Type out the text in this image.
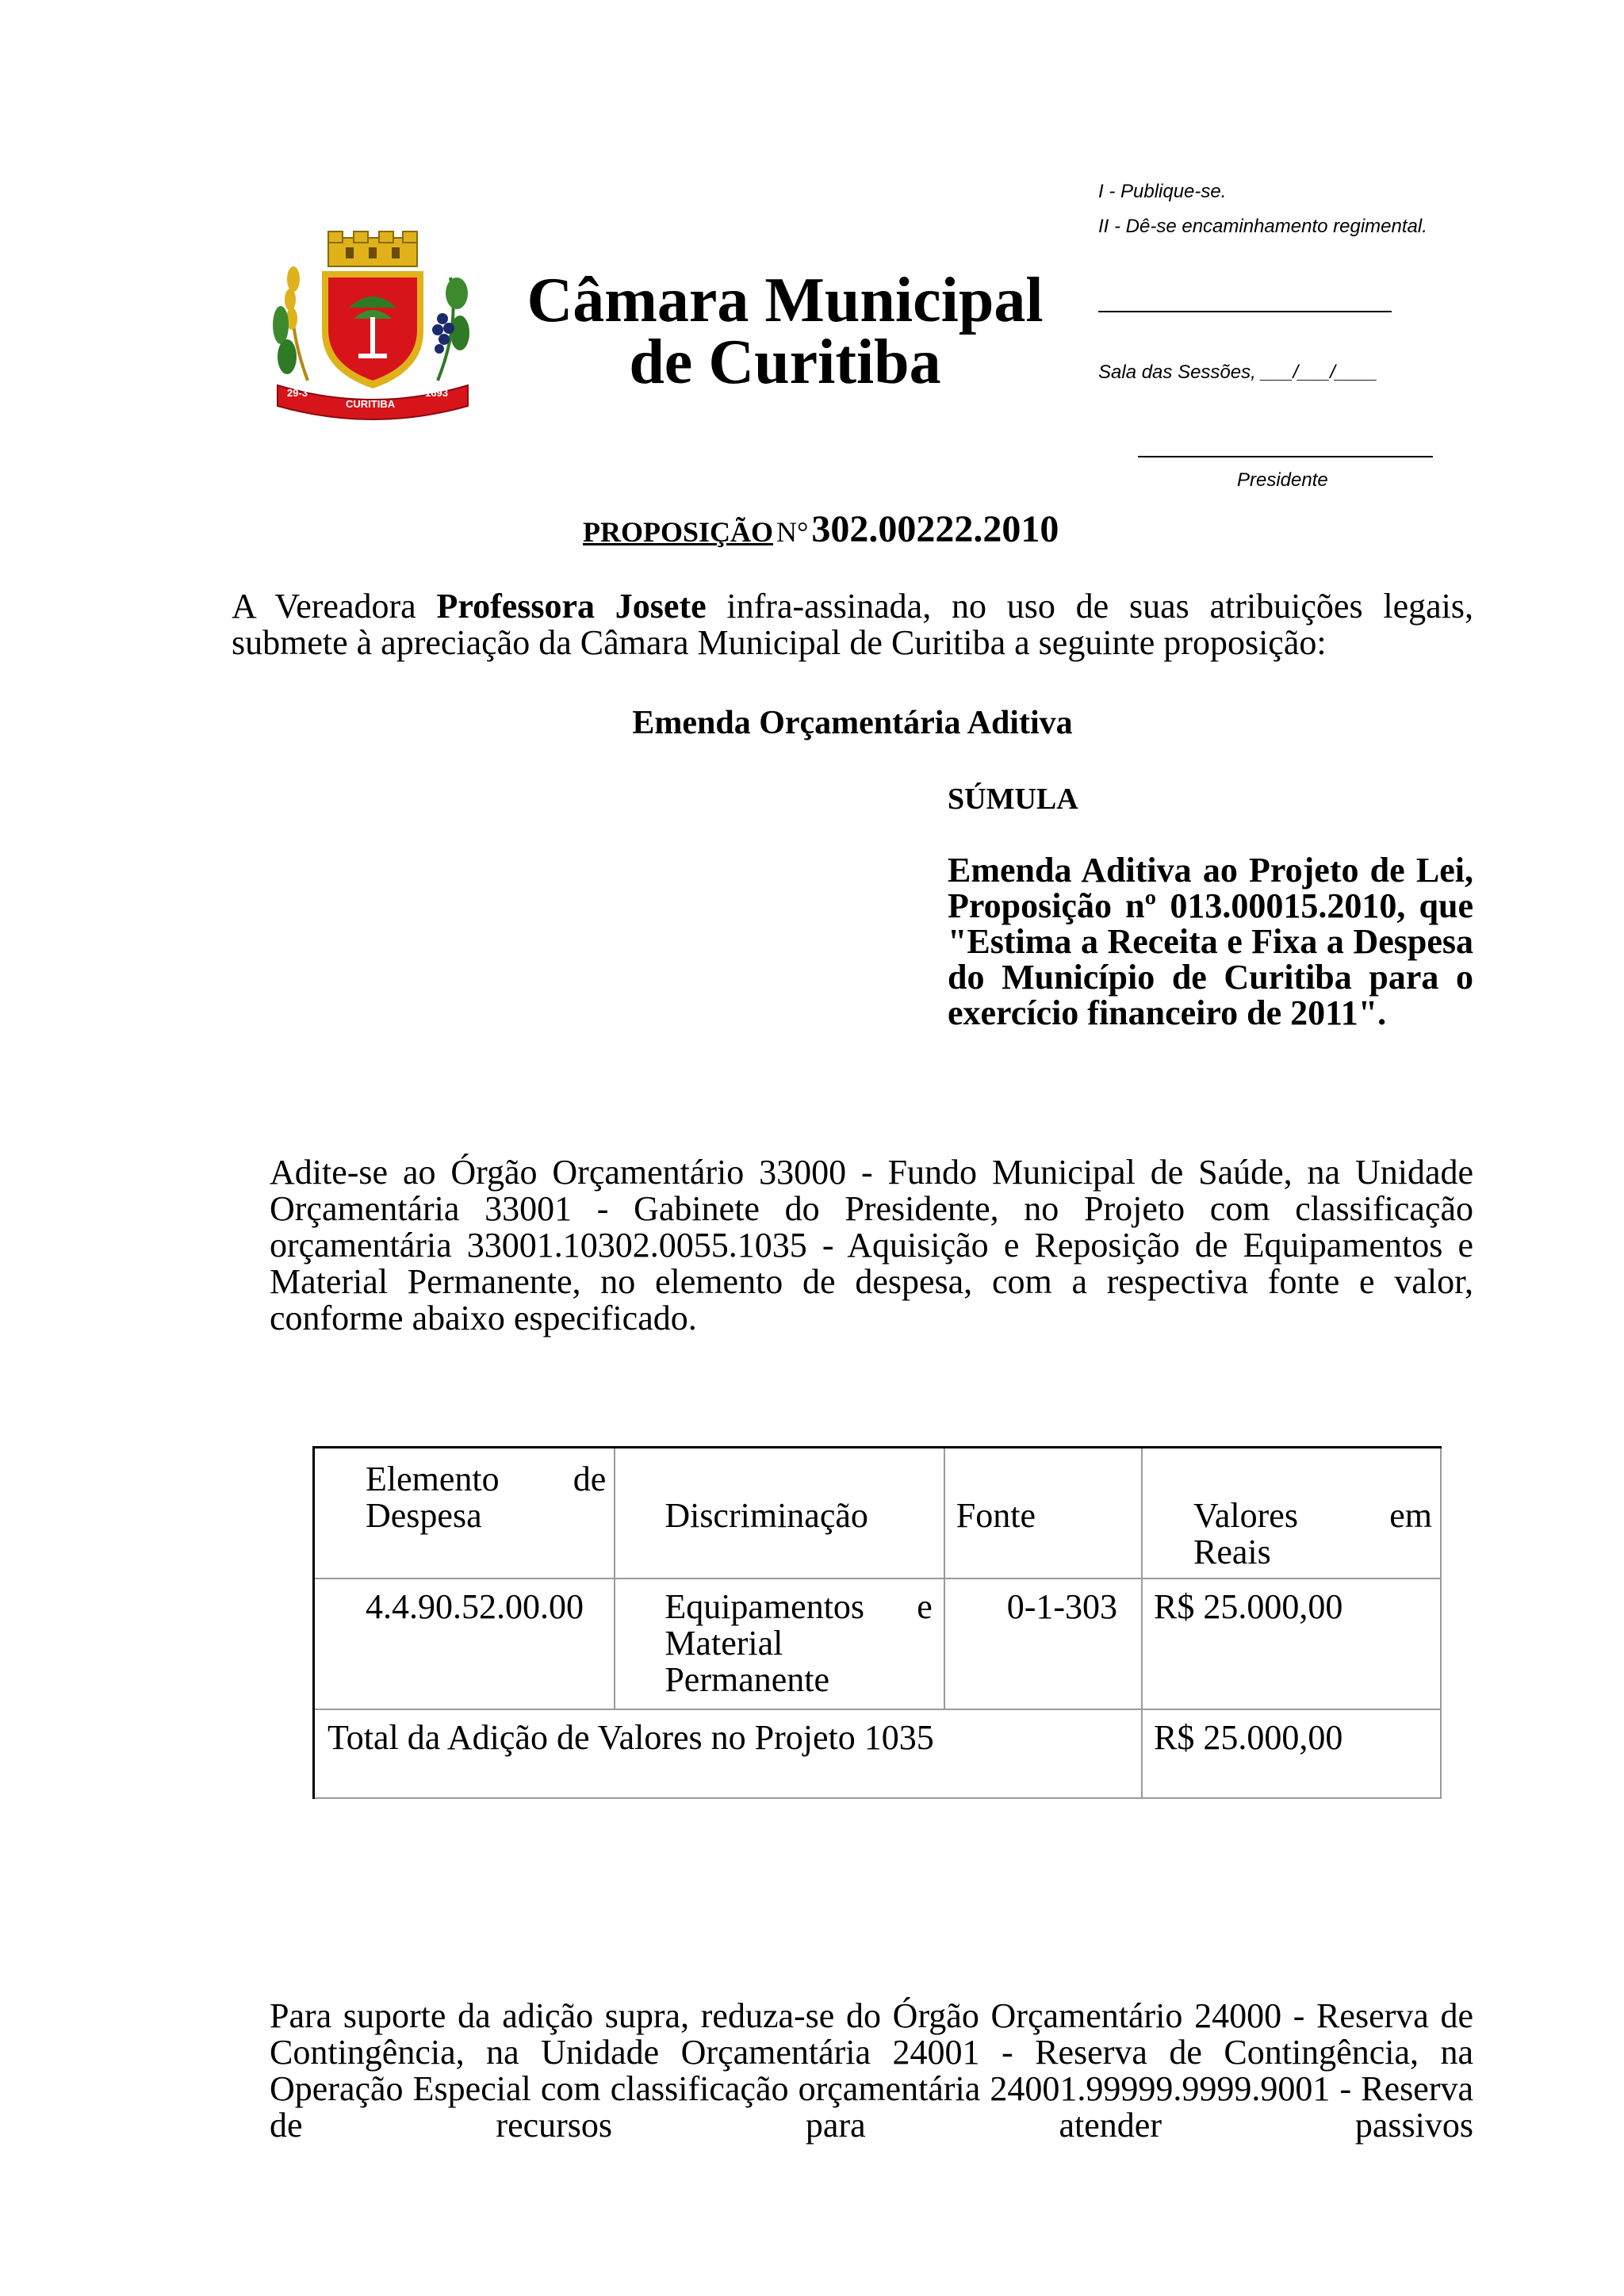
I - Publique-se.
II - Dê-se encaminhamento regimental.
Sala das Sessões, ___/___/____
Presidente
29-3
CURITIBA
1693
Câmara Municipal
de Curitiba
PROPOSIÇÃO N° 302.00222.2010
A Vereadora Professora Josete infra-assinada, no uso de suas atribuições legais, submete à apreciação da Câmara Municipal de Curitiba a seguinte proposição:
Emenda Orçamentária Aditiva
SÚMULA
Emenda Aditiva ao Projeto de Lei, Proposição nº 013.00015.2010, que "Estima a Receita e Fixa a Despesa do Município de Curitiba para o exercício financeiro de 2011".
Adite-se ao Órgão Orçamentário 33000 - Fundo Municipal de Saúde, na Unidade Orçamentária 33001 - Gabinete do Presidente, no Projeto com classificação orçamentária 33001.10302.0055.1035 - Aquisição e Reposição de Equipamentos e Material Permanente, no elemento de despesa, com a respectiva fonte e valor, conforme abaixo especificado.
Elemento de Despesa	Discriminação	Fonte	Valores em Reais

4.4.90.52.00.00	Equipamentos e Material Permanente	0-1-303	R$ 25.000,00

Total da Adição de Valores no Projeto 1035			R$ 25.000,00
Para suporte da adição supra, reduza-se do Órgão Orçamentário 24000 - Reserva de Contingência, na Unidade Orçamentária 24001 - Reserva de Contingência, na Operação Especial com classificação orçamentária 24001.99999.9999.9001 - Reserva de recursos para atender passivos
